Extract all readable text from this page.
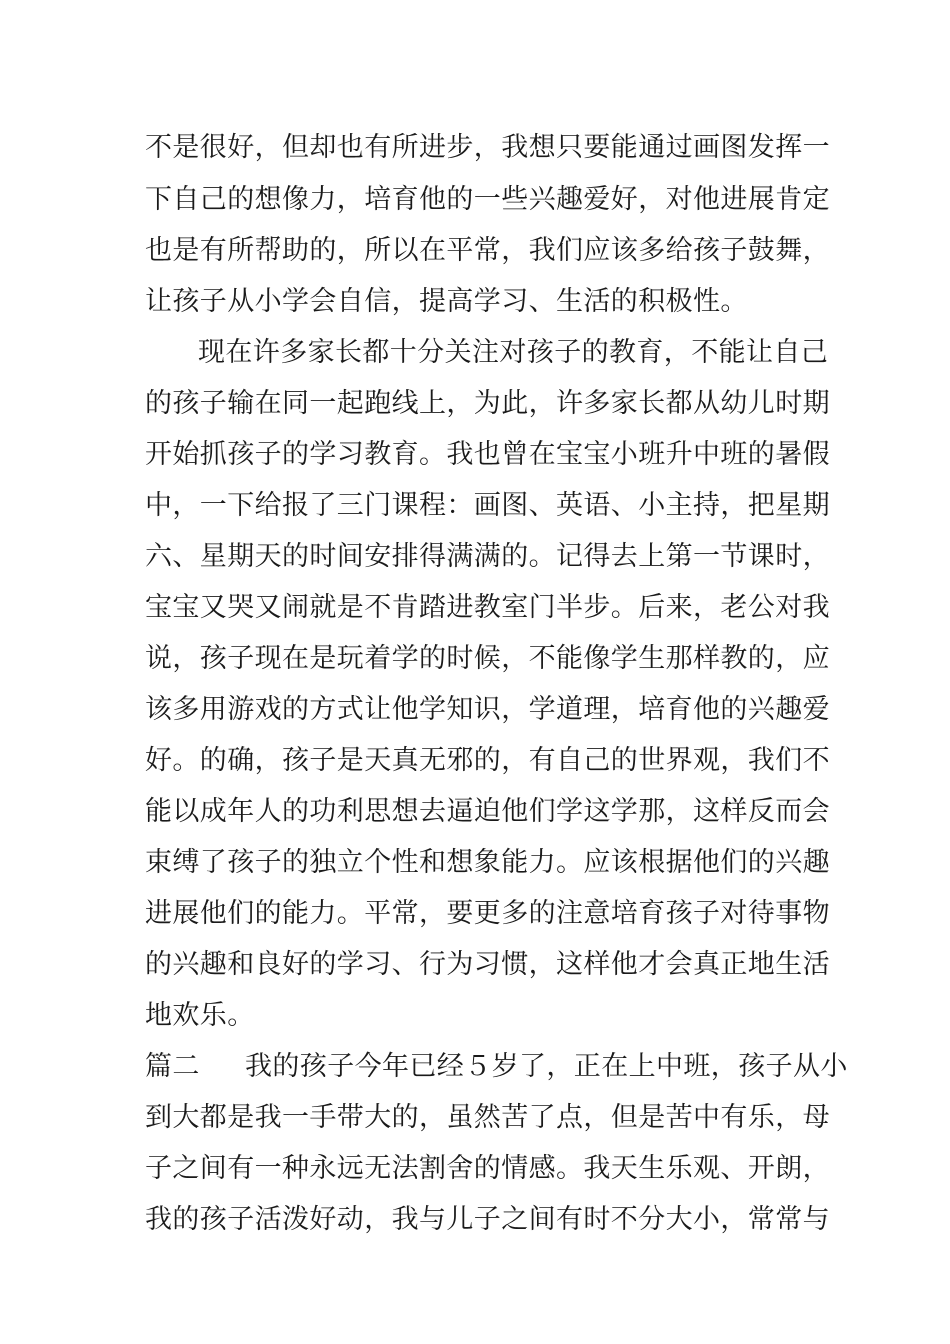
不是很好，但却也有所进步，我想只要能通过画图发挥一
下自己的想像力，培育他的一些兴趣爱好，对他进展肯定
也是有所帮助的，所以在平常，我们应该多给孩子鼓舞，
让孩子从小学会自信，提高学习、生活的积极性。
现在许多家长都十分关注对孩子的教育，不能让自己
的孩子输在同一起跑线上，为此，许多家长都从幼儿时期
开始抓孩子的学习教育。我也曾在宝宝小班升中班的暑假
中，一下给报了三门课程：画图、英语、小主持，把星期
六、星期天的时间安排得满满的。记得去上第一节课时，
宝宝又哭又闹就是不肯踏进教室门半步。后来，老公对我
说，孩子现在是玩着学的时候，不能像学生那样教的，应
该多用游戏的方式让他学知识，学道理，培育他的兴趣爱
好。的确，孩子是天真无邪的，有自己的世界观，我们不
能以成年人的功利思想去逼迫他们学这学那，这样反而会
束缚了孩子的独立个性和想象能力。应该根据他们的兴趣
进展他们的能力。平常，要更多的注意培育孩子对待事物
的兴趣和良好的学习、行为习惯，这样他才会真正地生活
地欢乐。
篇二 我的孩子今年已经５岁了，正在上中班，孩子从小
到大都是我一手带大的，虽然苦了点，但是苦中有乐，母
子之间有一种永远无法割舍的情感。我天生乐观、开朗，
我的孩子活泼好动，我与儿子之间有时不分大小，常常与
